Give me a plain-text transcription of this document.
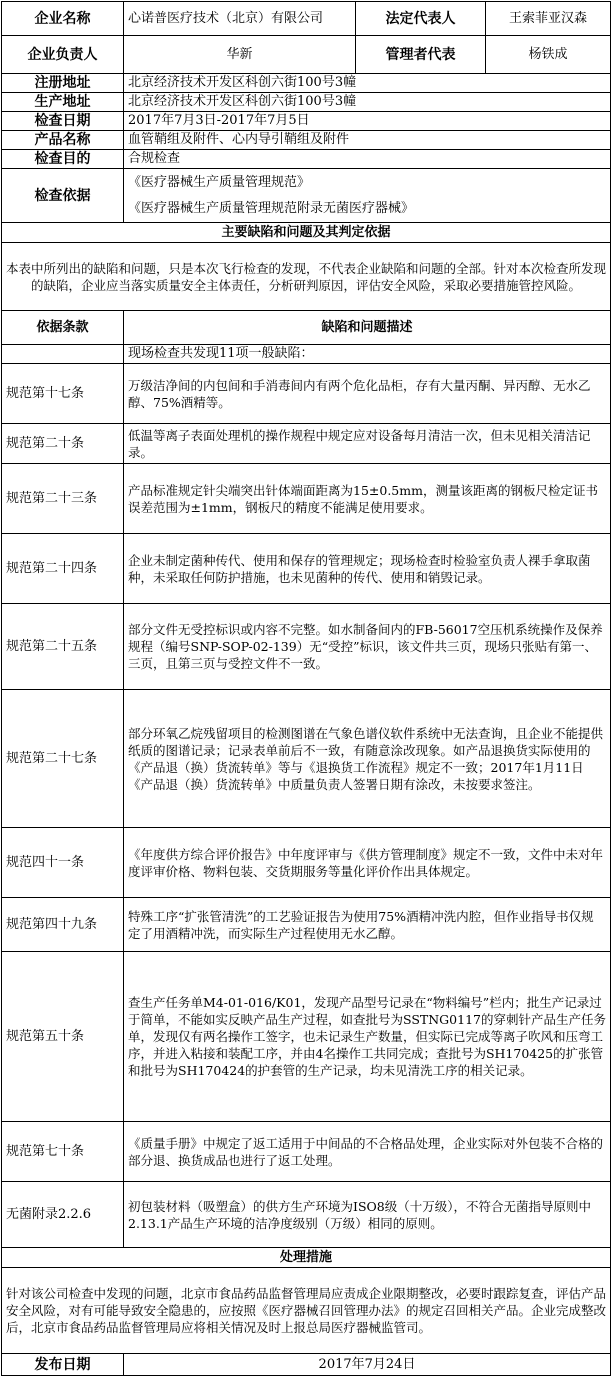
企业名称	心诺普医疗技术（北京）有限公司	法定代表人	王索菲亚汉森
企业负责人	华新	管理者代表	杨铁成
注册地址	北京经济技术开发区科创六街100号3幢		
生产地址	北京经济技术开发区科创六街100号3幢		
检查日期	2017年7月3日-2017年7月5日		
产品名称	血管鞘组及附件、心内导引鞘组及附件		
检查目的	合规检查		
检查依据	《医疗器械生产质量管理规范》
《医疗器械生产质量管理规范附录无菌医疗器械》		

主要缺陷和问题及其判定依据			
本表中所列出的缺陷和问题，只是本次飞行检查的发现，不代表企业缺陷和问题的全部。针对本次检查所发现的缺陷，企业应当落实质量安全主体责任，分析研判原因，评估安全风险，采取必要措施管控风险。			
依据条款	缺陷和问题描述		
	现场检查共发现11项一般缺陷：		
规范第十七条	万级洁净间的内包间和手消毒间内有两个危化品柜，存有大量丙酮、异丙醇、无水乙醇、75%酒精等。		
规范第二十条	低温等离子表面处理机的操作规程中规定应对设备每月清洁一次，但未见相关清洁记录。		
规范第二十三条	产品标准规定针尖端突出针体端面距离为15±0.5mm，测量该距离的钢板尺检定证书误差范围为±1mm，钢板尺的精度不能满足使用要求。		
规范第二十四条	企业未制定菌种传代、使用和保存的管理规定；现场检查时检验室负责人裸手拿取菌种，未采取任何防护措施，也未见菌种的传代、使用和销毁记录。		
规范第二十五条	部分文件无受控标识或内容不完整。如水制备间内的FB-56017空压机系统操作及保养规程（编号SNP-SOP-02-139）无“受控”标识，该文件共三页，现场只张贴有第一、三页，且第三页与受控文件不一致。		
规范第二十七条	部分环氧乙烷残留项目的检测图谱在气象色谱仪软件系统中无法查询，且企业不能提供纸质的图谱记录；记录表单前后不一致，有随意涂改现象。如产品退换货实际使用的《产品退（换）货流转单》等与《退换货工作流程》规定不一致；2017年1月11日《产品退（换）货流转单》中质量负责人签署日期有涂改，未按要求签注。		
规范四十一条	《年度供方综合评价报告》中年度评审与《供方管理制度》规定不一致，文件中未对年度评审价格、物料包装、交货期服务等量化评价作出具体规定。		
规范第四十九条	特殊工序“扩张管清洗”的工艺验证报告为使用75%酒精冲洗内腔，但作业指导书仅规定了用酒精冲洗，而实际生产过程使用无水乙醇。		
规范第五十条	查生产任务单M4-01-016/K01，发现产品型号记录在“物料编号”栏内；批生产记录过于简单，不能如实反映产品生产过程，如查批号为SSTNG0117的穿刺针产品生产任务单，发现仅有两名操作工签字，也未记录生产数量，但实际已完成等离子吹风和压弯工序，并进入粘接和装配工序，并由4名操作工共同完成；查批号为SH170425的扩张管和批号为SH170424的护套管的生产记录，均未见清洗工序的相关记录。		
规范第七十条	《质量手册》中规定了返工适用于中间品的不合格品处理，企业实际对外包装不合格的部分退、换货成品也进行了返工处理。		
无菌附录2.2.6	初包装材料（吸塑盒）的供方生产环境为ISO8级（十万级），不符合无菌指导原则中2.13.1产品生产环境的洁净度级别（万级）相同的原则。		
处理措施			
针对该公司检查中发现的问题，北京市食品药品监督管理局应责成企业限期整改，必要时跟踪复查，评估产品安全风险，对有可能导致安全隐患的，应按照《医疗器械召回管理办法》的规定召回相关产品。企业完成整改后，北京市食品药品监督管理局应将相关情况及时上报总局医疗器械监管司。			
发布日期	2017年7月24日		
